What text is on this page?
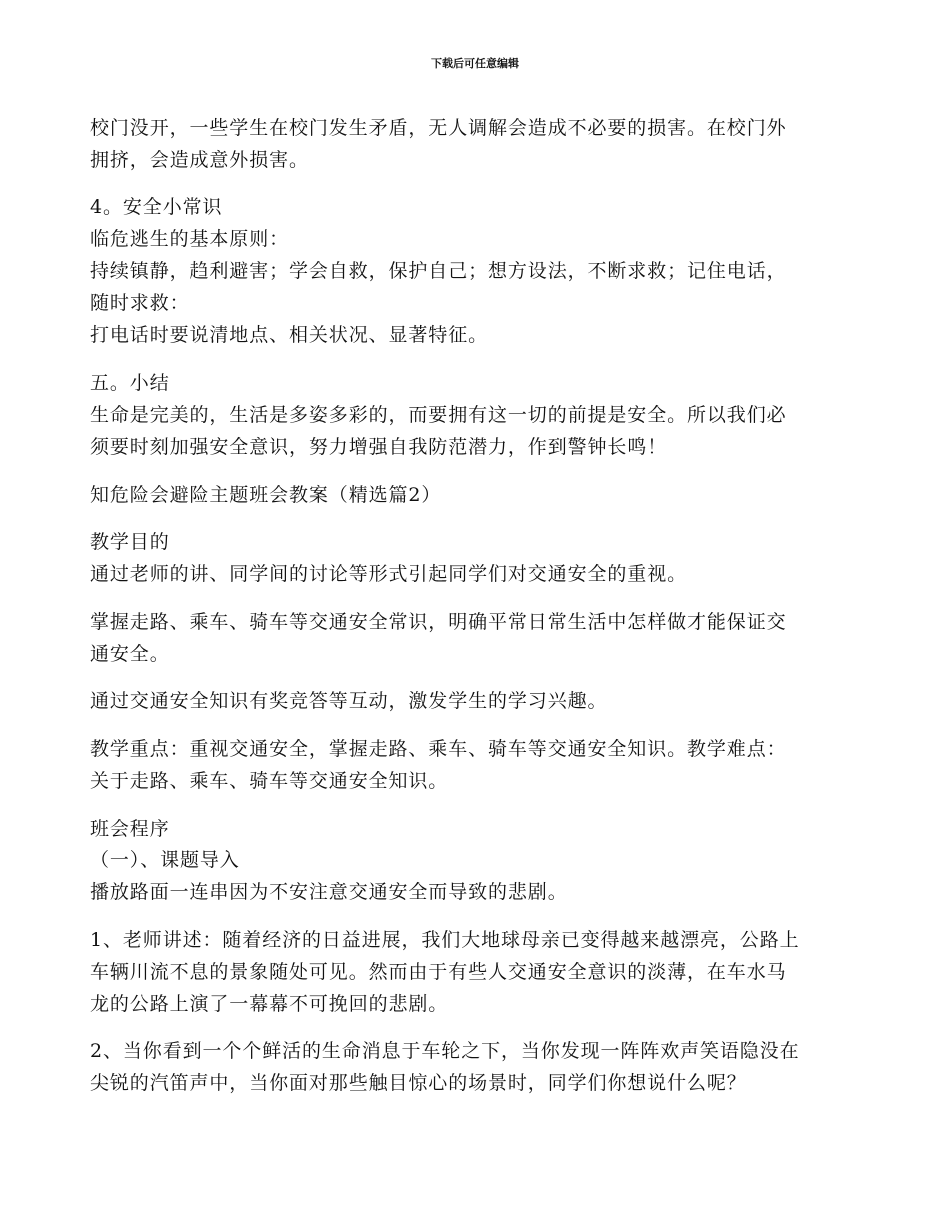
下载后可任意编辑
校门没开，一些学生在校门发生矛盾，无人调解会造成不必要的损害。在校门外
拥挤，会造成意外损害。
4。安全小常识
临危逃生的基本原则：
持续镇静，趋利避害；学会自救，保护自己；想方设法，不断求救；记住电话，
随时求救：
打电话时要说清地点、相关状况、显著特征。
五。小结
生命是完美的，生活是多姿多彩的，而要拥有这一切的前提是安全。所以我们必
须要时刻加强安全意识，努力增强自我防范潜力，作到警钟长鸣！
知危险会避险主题班会教案（精选篇2）
教学目的
通过老师的讲、同学间的讨论等形式引起同学们对交通安全的重视。
掌握走路、乘车、骑车等交通安全常识，明确平常日常生活中怎样做才能保证交
通安全。
通过交通安全知识有奖竞答等互动，激发学生的学习兴趣。
教学重点：重视交通安全，掌握走路、乘车、骑车等交通安全知识。教学难点：
关于走路、乘车、骑车等交通安全知识。
班会程序
（一）、课题导入
播放路面一连串因为不安注意交通安全而导致的悲剧。
1、老师讲述：随着经济的日益进展，我们大地球母亲已变得越来越漂亮，公路上
车辆川流不息的景象随处可见。然而由于有些人交通安全意识的淡薄，在车水马
龙的公路上演了一幕幕不可挽回的悲剧。
2、当你看到一个个鲜活的生命消息于车轮之下，当你发现一阵阵欢声笑语隐没在
尖锐的汽笛声中，当你面对那些触目惊心的场景时，同学们你想说什么呢？
